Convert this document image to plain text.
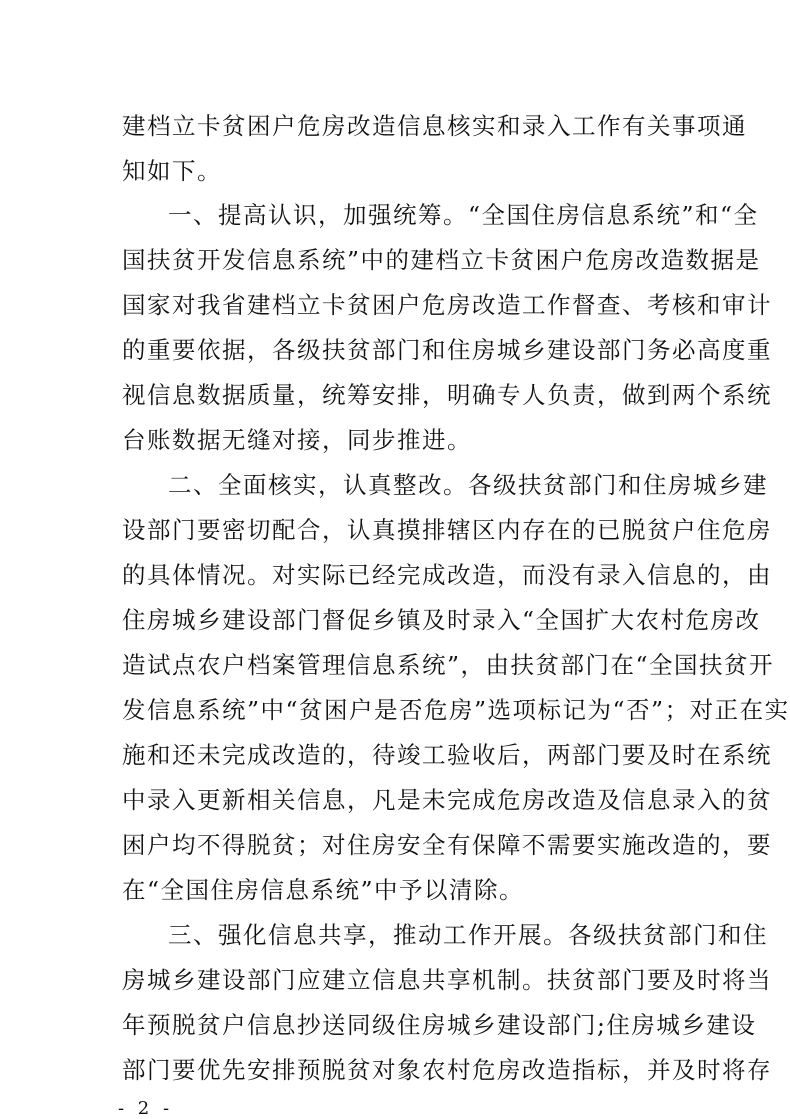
建档立卡贫困户危房改造信息核实和录入工作有关事项通
知如下。
一、提高认识，加强统筹。“全国住房信息系统”和“全
国扶贫开发信息系统”中的建档立卡贫困户危房改造数据是
国家对我省建档立卡贫困户危房改造工作督查、考核和审计
的重要依据，各级扶贫部门和住房城乡建设部门务必高度重
视信息数据质量，统筹安排，明确专人负责，做到两个系统
台账数据无缝对接，同步推进。
二、全面核实，认真整改。各级扶贫部门和住房城乡建
设部门要密切配合，认真摸排辖区内存在的已脱贫户住危房
的具体情况。对实际已经完成改造，而没有录入信息的，由
住房城乡建设部门督促乡镇及时录入“全国扩大农村危房改
造试点农户档案管理信息系统”，由扶贫部门在“全国扶贫开
发信息系统”中“贫困户是否危房”选项标记为“否”；对正在实
施和还未完成改造的，待竣工验收后，两部门要及时在系统
中录入更新相关信息，凡是未完成危房改造及信息录入的贫
困户均不得脱贫；对住房安全有保障不需要实施改造的，要
在“全国住房信息系统”中予以清除。
三、强化信息共享，推动工作开展。各级扶贫部门和住
房城乡建设部门应建立信息共享机制。扶贫部门要及时将当
年预脱贫户信息抄送同级住房城乡建设部门;住房城乡建设
部门要优先安排预脱贫对象农村危房改造指标，并及时将存
- 2 -
